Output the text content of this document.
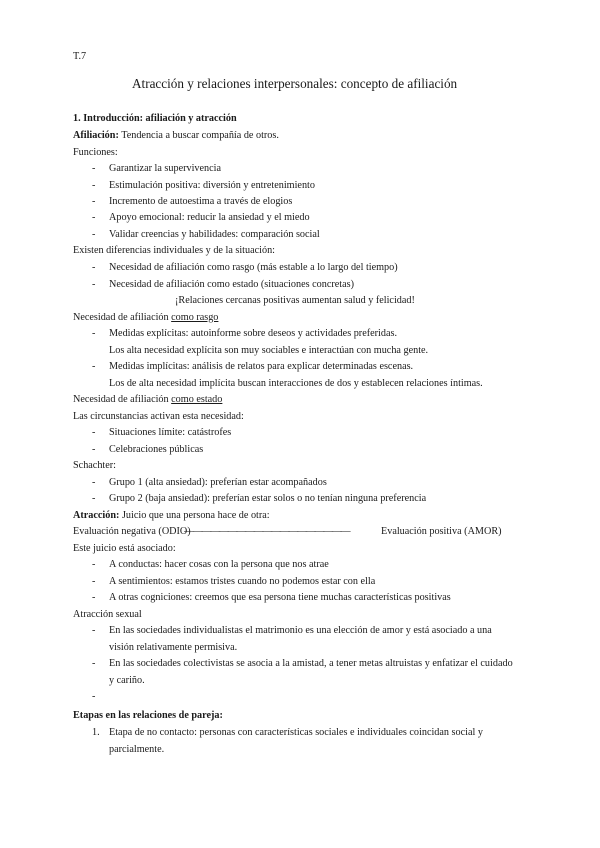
T.7
Atracción y relaciones interpersonales: concepto de afiliación
1. Introducción: afiliación y atracción
Afiliación: Tendencia a buscar compañía de otros.
Funciones:
- Garantizar la supervivencia
- Estimulación positiva: diversión y entretenimiento
- Incremento de autoestima a través de elogios
- Apoyo emocional: reducir la ansiedad y el miedo
- Validar creencias y habilidades: comparación social
Existen diferencias individuales y de la situación:
- Necesidad de afiliación como rasgo (más estable a lo largo del tiempo)
- Necesidad de afiliación como estado (situaciones concretas)
¡Relaciones cercanas positivas aumentan salud y felicidad!
Necesidad de afiliación como rasgo
- Medidas explícitas: autoinforme sobre deseos y actividades preferidas.
Los alta necesidad explícita son muy sociables e interactúan con mucha gente.
- Medidas implícitas: análisis de relatos para explicar determinadas escenas.
Los de alta necesidad implícita buscan interacciones de dos y establecen relaciones íntimas.
Necesidad de afiliación como estado
Las circunstancias activan esta necesidad:
- Situaciones límite: catástrofes
- Celebraciones públicas
Schachter:
- Grupo 1 (alta ansiedad): preferían estar acompañados
- Grupo 2 (baja ansiedad): preferían estar solos o no tenían ninguna preferencia
Atracción: Juicio que una persona hace de otra:
Evaluación negativa (ODIO)
———————————————————	Evaluación positiva (AMOR)
Este juicio está asociado:
- A conductas: hacer cosas con la persona que nos atrae
- A sentimientos: estamos tristes cuando no podemos estar con ella
- A otras cogniciones: creemos que esa persona tiene muchas características positivas
Atracción sexual
- En las sociedades individualistas el matrimonio es una elección de amor y está asociado a una
visión relativamente permisiva.
- En las sociedades colectivistas se asocia a la amistad, a tener metas altruistas y enfatizar el cuidado
y cariño.
-
Etapas en las relaciones de pareja:
1. Etapa de no contacto: personas con características sociales e individuales coincidan social y
parcialmente.
